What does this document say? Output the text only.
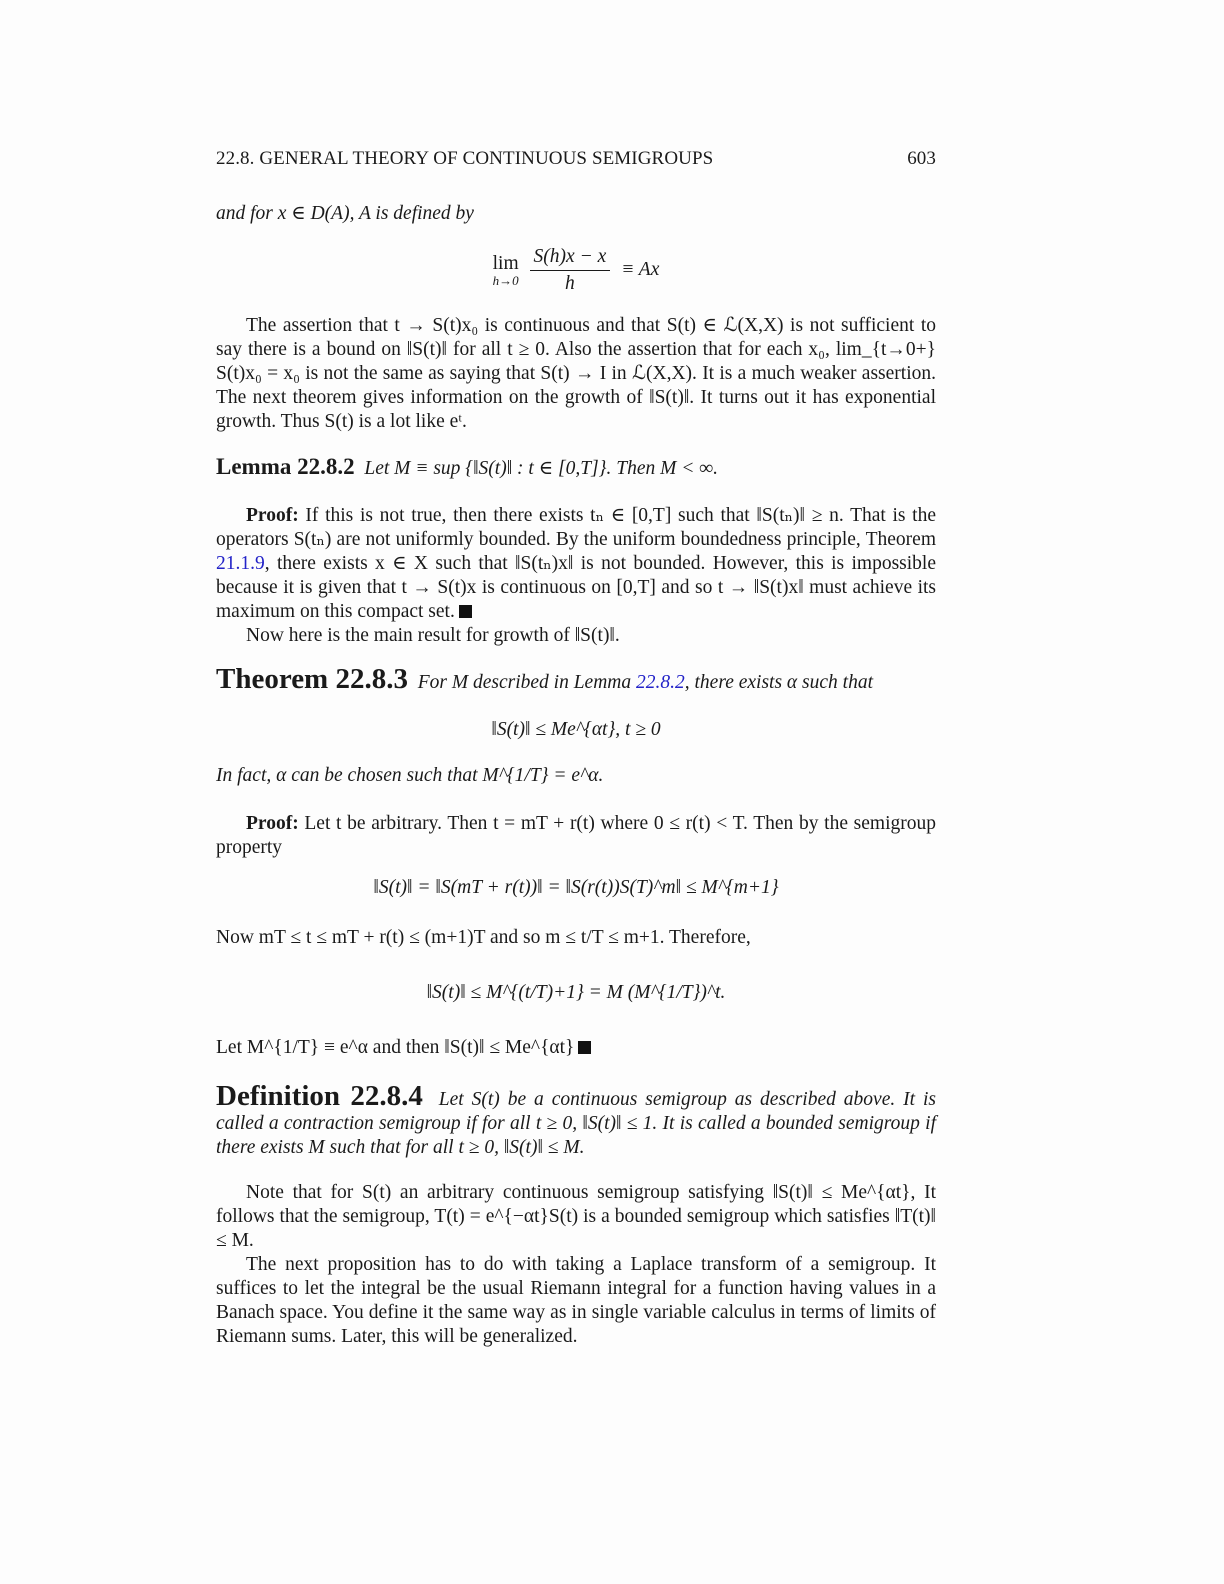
22.8. GENERAL THEORY OF CONTINUOUS SEMIGROUPS	603
and for x ∈ D(A), A is defined by
lim
h→0
$\frac{S(h)x - x}{h} \equiv Ax$
The assertion that t → S(t)x₀ is continuous and that S(t) ∈ ℒ(X,X) is not sufficient to say there is a bound on ‖S(t)‖ for all t ≥ 0. Also the assertion that for each x₀, lim_{t→0+} S(t)x₀ = x₀ is not the same as saying that S(t) → I in ℒ(X,X). It is a much weaker assertion. The next theorem gives information on the growth of ‖S(t)‖. It turns out it has exponential growth. Thus S(t) is a lot like eᵗ.
Lemma 22.8.2 Let M ≡ sup {‖S(t)‖ : t ∈ [0,T]}. Then M < ∞.
Proof: If this is not true, then there exists tₙ ∈ [0,T] such that ‖S(tₙ)‖ ≥ n. That is the operators S(tₙ) are not uniformly bounded. By the uniform boundedness principle, Theorem 21.1.9, there exists x ∈ X such that ‖S(tₙ)x‖ is not bounded. However, this is impossible because it is given that t → S(t)x is continuous on [0,T] and so t → ‖S(t)x‖ must achieve its maximum on this compact set.
Now here is the main result for growth of ‖S(t)‖.
Theorem 22.8.3 For M described in Lemma 22.8.2, there exists α such that
‖S(t)‖ ≤ Me^{αt}, t ≥ 0
In fact, α can be chosen such that M^{1/T} = e^α.
Proof: Let t be arbitrary. Then t = mT + r(t) where 0 ≤ r(t) < T. Then by the semigroup property
‖S(t)‖ = ‖S(mT + r(t))‖ = ‖S(r(t))S(T)^m‖ ≤ M^{m+1}
Now mT ≤ t ≤ mT + r(t) ≤ (m+1)T and so m ≤ t/T ≤ m+1. Therefore,
‖S(t)‖ ≤ M^{(t/T)+1} = M (M^{1/T})^t.
Let M^{1/T} ≡ e^α and then ‖S(t)‖ ≤ Me^{αt}
Definition 22.8.4 Let S(t) be a continuous semigroup as described above. It is called a contraction semigroup if for all t ≥ 0, ‖S(t)‖ ≤ 1. It is called a bounded semigroup if there exists M such that for all t ≥ 0, ‖S(t)‖ ≤ M.
Note that for S(t) an arbitrary continuous semigroup satisfying ‖S(t)‖ ≤ Me^{αt}, It follows that the semigroup, T(t) = e^{−αt}S(t) is a bounded semigroup which satisfies ‖T(t)‖ ≤ M.
The next proposition has to do with taking a Laplace transform of a semigroup. It suffices to let the integral be the usual Riemann integral for a function having values in a Banach space. You define it the same way as in single variable calculus in terms of limits of Riemann sums. Later, this will be generalized.
